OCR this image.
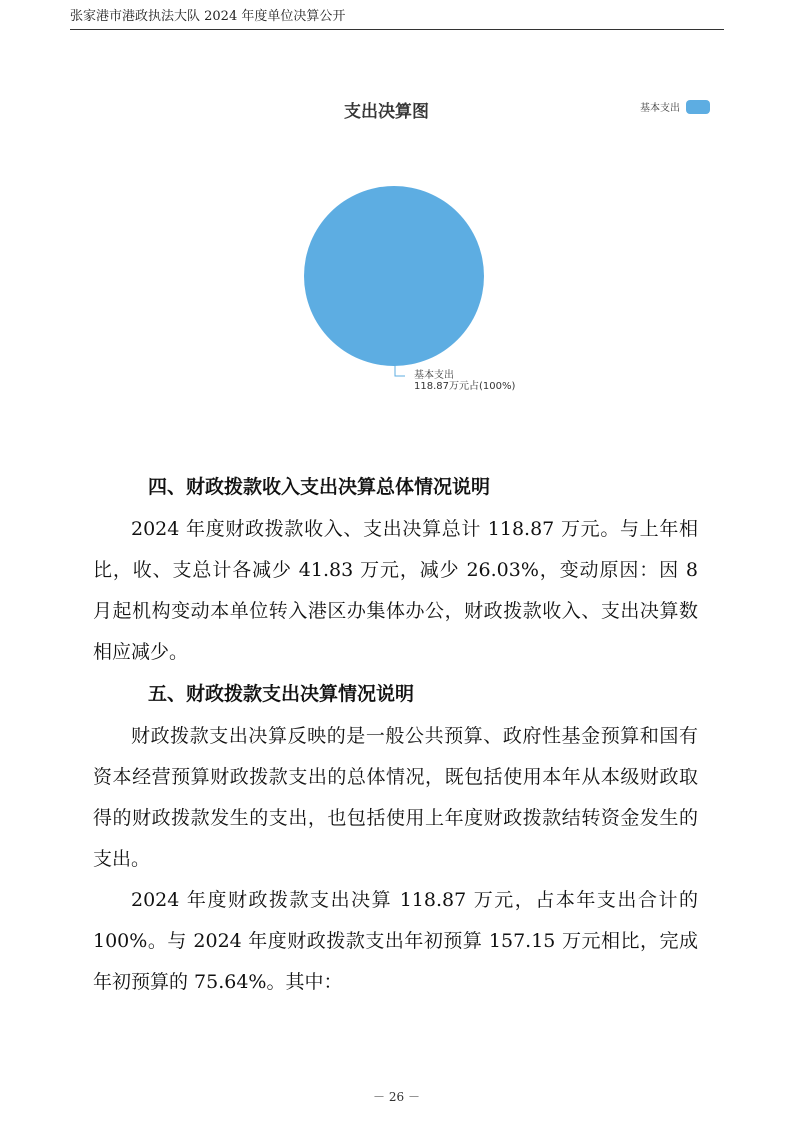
张家港市港政执法大队 2024 年度单位决算公开
支出决算图	基本支出
基本支出
118.87万元占(100%)
四、财政拨款收入支出决算总体情况说明
2024 年度财政拨款收入、支出决算总计 118.87 万元。与上年相比，收、支总计各减少 41.83 万元，减少 26.03%，变动原因：因 8 月起机构变动本单位转入港区办集体办公，财政拨款收入、支出决算数相应减少。
五、财政拨款支出决算情况说明
财政拨款支出决算反映的是一般公共预算、政府性基金预算和国有资本经营预算财政拨款支出的总体情况，既包括使用本年从本级财政取得的财政拨款发生的支出，也包括使用上年度财政拨款结转资金发生的支出。
2024 年度财政拨款支出决算 118.87 万元，占本年支出合计的 100%。与 2024 年度财政拨款支出年初预算 157.15 万元相比，完成年初预算的 75.64%。其中：
－ 26 －
